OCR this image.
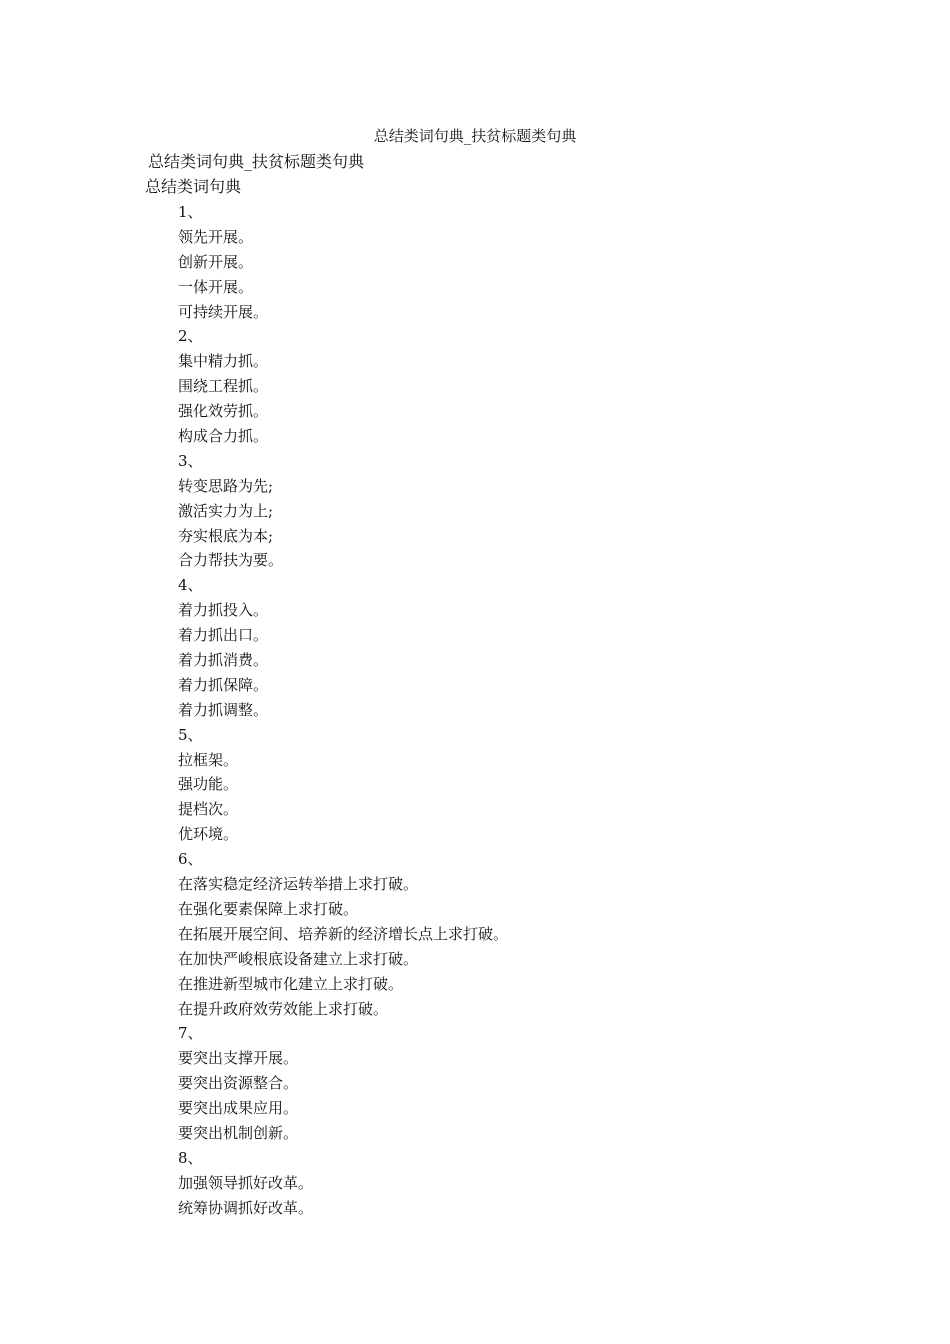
总结类词句典_扶贫标题类句典
总结类词句典_扶贫标题类句典
总结类词句典
1、
领先开展。
创新开展。
一体开展。
可持续开展。
2、
集中精力抓。
围绕工程抓。
强化效劳抓。
构成合力抓。
3、
转变思路为先;
激活实力为上;
夯实根底为本;
合力帮扶为要。
4、
着力抓投入。
着力抓出口。
着力抓消费。
着力抓保障。
着力抓调整。
5、
拉框架。
强功能。
提档次。
优环境。
6、
在落实稳定经济运转举措上求打破。
在强化要素保障上求打破。
在拓展开展空间、培养新的经济增长点上求打破。
在加快严峻根底设备建立上求打破。
在推进新型城市化建立上求打破。
在提升政府效劳效能上求打破。
7、
要突出支撑开展。
要突出资源整合。
要突出成果应用。
要突出机制创新。
8、
加强领导抓好改革。
统筹协调抓好改革。
